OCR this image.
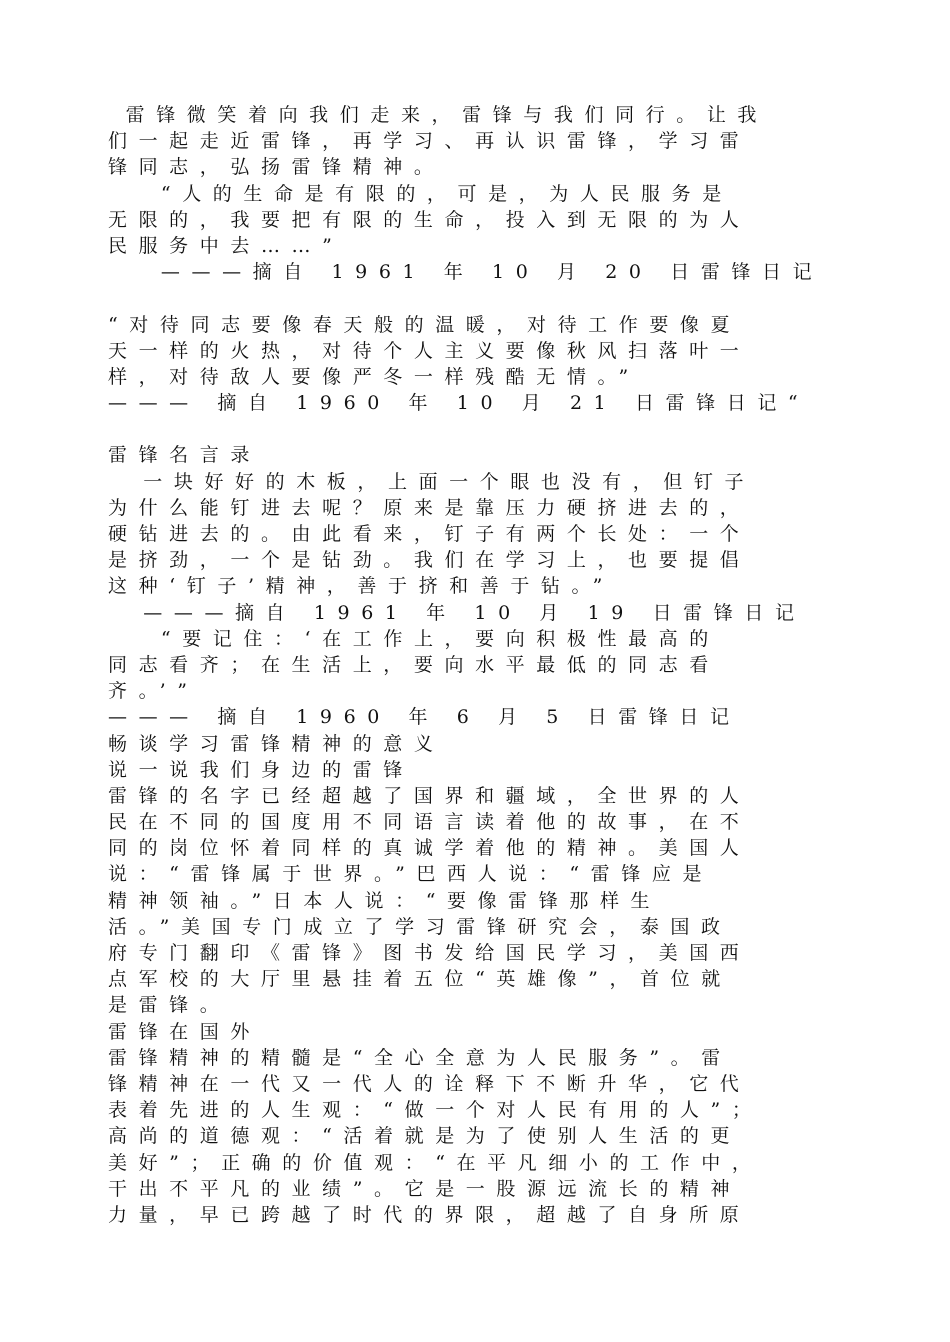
雷锋微笑着向我们走来，雷锋与我们同行。让我
们一起走近雷锋，再学习、再认识雷锋，学习雷
锋同志，弘扬雷锋精神。
“人的生命是有限的，可是，为人民服务是
无限的，我要把有限的生命，投入到无限的为人
民服务中去……”
———摘自 1961 年 10 月 20 日雷锋日记
“对待同志要像春天般的温暖，对待工作要像夏
天一样的火热，对待个人主义要像秋风扫落叶一
样，对待敌人要像严冬一样残酷无情。”
——— 摘自 1960 年 10 月 21 日雷锋日记“
雷锋名言录
一块好好的木板，上面一个眼也没有，但钉子
为什么能钉进去呢？原来是靠压力硬挤进去的，
硬钻进去的。由此看来，钉子有两个长处：一个
是挤劲，一个是钻劲。我们在学习上，也要提倡
这种‘钉子’精神，善于挤和善于钻。”
———摘自 1961 年 10 月 19 日雷锋日记
“要记住：‘在工作上，要向积极性最高的
同志看齐；在生活上，要向水平最低的同志看
齐。’”
——— 摘自 1960 年 6 月 5 日雷锋日记
畅谈学习雷锋精神的意义
说一说我们身边的雷锋
雷锋的名字已经超越了国界和疆域，全世界的人
民在不同的国度用不同语言读着他的故事，在不
同的岗位怀着同样的真诚学着他的精神。美国人
说：“雷锋属于世界。”巴西人说：“雷锋应是
精神领袖。”日本人说：“要像雷锋那样生
活。”美国专门成立了学习雷锋研究会，泰国政
府专门翻印《雷锋》图书发给国民学习，美国西
点军校的大厅里悬挂着五位“英雄像”，首位就
是雷锋。
雷锋在国外
雷锋精神的精髓是“全心全意为人民服务”。雷
锋精神在一代又一代人的诠释下不断升华，它代
表着先进的人生观：“做一个对人民有用的人”；
高尚的道德观：“活着就是为了使别人生活的更
美好”；正确的价值观：“在平凡细小的工作中，
干出不平凡的业绩”。它是一股源远流长的精神
力量，早已跨越了时代的界限，超越了自身所原
